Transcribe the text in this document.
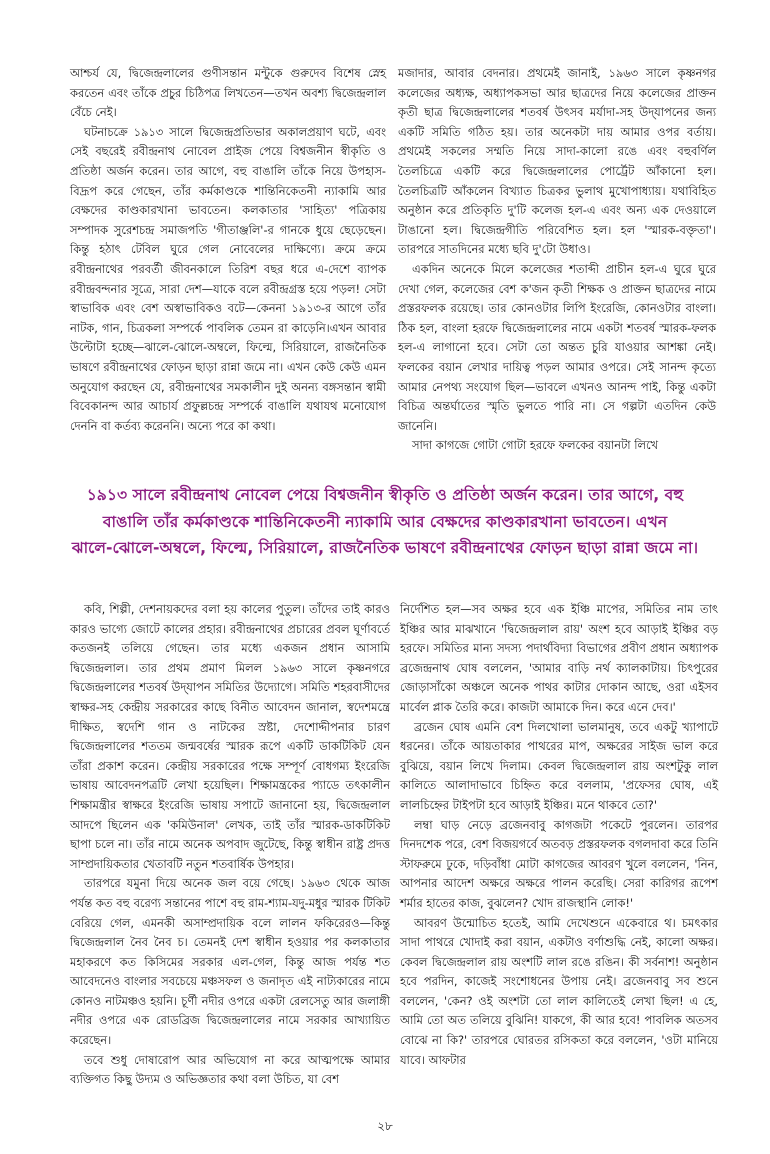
আশ্চর্য যে, দ্বিজেন্দ্রলালের গুণীসন্তান মন্টুকে গুরুদেব বিশেষ স্নেহ করতেন এবং তাঁকে প্রচুর চিঠিপত্র লিখতেন—তখন অবশ্য দ্বিজেন্দ্রলাল বেঁচে নেই।

ঘটনাচক্রে ১৯১৩ সালে দ্বিজেন্দ্রপ্রতিভার অকালপ্রয়াণ ঘটে, এবং সেই বছরেই রবীন্দ্রনাথ নোবেল প্রাইজ পেয়ে বিশ্বজনীন স্বীকৃতি ও প্রতিষ্ঠা অর্জন করেন। তার আগে, বহু বাঙালি তাঁকে নিয়ে উপহাস-বিদ্রূপ করে গেছেন, তাঁর কর্মকাণ্ডকে শান্তিনিকেতনী ন্যাকামি আর বেক্ষদের কাণ্ডকারখানা ভাবতেন। কলকাতার 'সাহিত্য' পত্রিকায় সম্পাদক সুরেশচন্দ্র সমাজপতি 'গীতাঞ্জলি'-র গানকে ধুয়ে ছেড়েছেন। কিন্তু হঠাৎ টেবিল ঘুরে গেল নোবেলের দাক্ষিণ্যে। ক্রমে ক্রমে রবীন্দ্রনাথের পরবর্তী জীবনকালে তিরিশ বছর ধরে এ-দেশে ব্যাপক রবীন্দ্রবন্দনার সূত্রে, সারা দেশ—যাকে বলে রবীন্দ্রগ্রস্ত হয়ে পড়ল! সেটা স্বাভাবিক এবং বেশ অস্বাভাবিকও বটে—কেননা ১৯১৩-র আগে তাঁর নাটক, গান, চিত্রকলা সম্পর্কে পাবলিক তেমন রা কাড়েনি।এখন আবার উল্টোটা হচ্ছে—ঝালে-ঝোলে-অম্বলে, ফিল্মে, সিরিয়ালে, রাজনৈতিক ভাষণে রবীন্দ্রনাথের ফোড়ন ছাড়া রান্না জমে না। এখন কেউ কেউ এমন অনুযোগ করছেন যে, রবীন্দ্রনাথের সমকালীন দুই অনন্য বঙ্গসন্তান স্বামী বিবেকানন্দ আর আচার্য প্রফুল্লচন্দ্র সম্পর্কে বাঙালি যথাযথ মনোযোগ দেননি বা কর্তব্য করেননি। অন্যে পরে কা কথা।

মজাদার, আবার বেদনার। প্রথমেই জানাই, ১৯৬৩ সালে কৃষ্ণনগর কলেজের অধ্যক্ষ, অধ্যাপকসভা আর ছাত্রদের নিয়ে কলেজের প্রাক্তন কৃতী ছাত্র দ্বিজেন্দ্রলালের শতবর্ষ উৎসব মর্যাদা-সহ উদ্‌যাপনের জন্য একটি সমিতি গঠিত হয়। তার অনেকটা দায় আমার ওপর বর্তায়। প্রথমেই সকলের সম্মতি নিয়ে সাদা-কালো রঙে এবং বহুবর্ণিল তৈলচিত্রে একটি করে দ্বিজেন্দ্রলালের পোর্ট্রেট আঁকানো হল। তৈলচিত্রটি আঁকলেন বিখ্যাত চিত্রকর ভুলাথ মুখোপাধ্যায়। যথাবিহিত অনুষ্ঠান করে প্রতিকৃতি দু'টি কলেজ হল-এ এবং অন্য এক দেওয়ালে টাঙানো হল। দ্বিজেন্দ্রগীতি পরিবেশিত হল। হল 'স্মারক-বক্তৃতা'। তারপরে সাতদিনের মধ্যে ছবি দু'টো উধাও।

একদিন অনেকে মিলে কলেজের শতাব্দী প্রাচীন হল-এ ঘুরে ঘুরে দেখা গেল, কলেজের বেশ ক'জন কৃতী শিক্ষক ও প্রাক্তন ছাত্রদের নামে প্রস্তরফলক রয়েছে। তার কোনওটার লিপি ইংরেজি, কোনওটার বাংলা। ঠিক হল, বাংলা হরফে দ্বিজেন্দ্রলালের নামে একটা শতবর্ষ স্মারক-ফলক হল-এ লাগানো হবে। সেটা তো অন্তত চুরি যাওয়ার আশঙ্কা নেই। ফলকের বয়ান লেখার দায়িত্ব পড়ল আমার ওপরে। সেই সানন্দ কৃত্যে আমার নেপথ্য সংযোগ ছিল—ভাবলে এখনও আনন্দ পাই, কিন্তু একটা বিচিত্র অন্তর্ঘাতের স্মৃতি ভুলতে পারি না। সে গল্পটা এতদিন কেউ জানেনি।

সাদা কাগজে গোটা গোটা হরফে ফলকের বয়ানটা লিখে

১৯১৩ সালে রবীন্দ্রনাথ নোবেল পেয়ে বিশ্বজনীন স্বীকৃতি ও প্রতিষ্ঠা অর্জন করেন। তার আগে, বহু
বাঙালি তাঁর কর্মকাণ্ডকে শান্তিনিকেতনী ন্যাকামি আর বেক্ষদের কাণ্ডকারখানা ভাবতেন। এখন
ঝালে-ঝোলে-অম্বলে, ফিল্মে, সিরিয়ালে, রাজনৈতিক ভাষণে রবীন্দ্রনাথের ফোড়ন ছাড়া রান্না জমে না।

কবি, শিল্পী, দেশনায়কদের বলা হয় কালের পুতুল। তাঁদের তাই কারও কারও ভাগ্যে জোটে কালের প্রহার। রবীন্দ্রনাথের প্রচারের প্রবল ঘূর্ণাবর্তে কতজনই তলিয়ে গেছেন। তার মধ্যে একজন প্রধান আসামি দ্বিজেন্দ্রলাল। তার প্রথম প্রমাণ মিলল ১৯৬৩ সালে কৃষ্ণনগরে দ্বিজেন্দ্রলালের শতবর্ষ উদ্‌যাপন সমিতির উদ্যোগে। সমিতি শহরবাসীদের স্বাক্ষর-সহ কেন্দ্রীয় সরকারের কাছে বিনীত আবেদন জানাল, স্বদেশমন্ত্রে দীক্ষিত, স্বদেশি গান ও নাটকের স্রষ্টা, দেশোদ্দীপনার চারণ দ্বিজেন্দ্রলালের শততম জন্মবর্ষের স্মারক রূপে একটি ডাকটিকিট যেন তাঁরা প্রকাশ করেন। কেন্দ্রীয় সরকারের পক্ষে সম্পূর্ণ বোধগম্য ইংরেজি ভাষায় আবেদনপত্রটি লেখা হয়েছিল। শিক্ষামন্ত্রকের প্যাডে তৎকালীন শিক্ষামন্ত্রীর স্বাক্ষরে ইংরেজি ভাষায় সপাটে জানানো হয়, দ্বিজেন্দ্রলাল আদপে ছিলেন এক 'কমিউনাল' লেখক, তাই তাঁর স্মারক-ডাকটিকিট ছাপা চলে না। তাঁর নামে অনেক অপবাদ জুটেছে, কিন্তু স্বাধীন রাষ্ট্র প্রদত্ত সাম্প্রদায়িকতার খেতাবটি নতুন শতবার্ষিক উপহার।

তারপরে যমুনা দিয়ে অনেক জল বয়ে গেছে। ১৯৬৩ থেকে আজ পর্যন্ত কত বহু বরেণ্য সন্তানের পাশে বহু রাম-শ্যাম-যদু-মধুর স্মারক টিকিট বেরিয়ে গেল, এমনকী অসাম্প্রদায়িক বলে লালন ফকিরেরও—কিন্তু দ্বিজেন্দ্রলাল নৈব নৈব চ। তেমনই দেশ স্বাধীন হওয়ার পর কলকাতার মহাকরণে কত কিসিমের সরকার এল-গেল, কিন্তু আজ পর্যন্ত শত আবেদনেও বাংলার সবচেয়ে মঞ্চসফল ও জনাদৃত এই নাট্যকারের নামে কোনও নাটমঞ্চও হয়নি। চূর্ণী নদীর ওপরে একটা রেলসেতু আর জলাঙ্গী নদীর ওপরে এক রোডব্রিজ দ্বিজেন্দ্রলালের নামে সরকার আখ্যায়িত করেছেন।

তবে শুধু দোষারোপ আর অভিযোগ না করে আত্মপক্ষে আমার ব্যক্তিগত কিছু উদ্যম ও অভিজ্ঞতার কথা বলা উচিত, যা বেশ

নির্দেশিত হল—সব অক্ষর হবে এক ইঞ্চি মাপের, সমিতির নাম তাৎ ইঞ্চির আর মাঝখানে 'দ্বিজেন্দ্রলাল রায়' অংশ হবে আড়াই ইঞ্চির বড় হরফে। সমিতির মান্য সদস্য পদার্থবিদ্যা বিভাগের প্রবীণ প্রধান অধ্যাপক ব্রজেন্দ্রনাথ ঘোষ বললেন, 'আমার বাড়ি নর্থ ক্যালকাটায়। চিৎপুরের জোড়াসাঁকো অঞ্চলে অনেক পাথর কাটার দোকান আছে, ওরা এইসব মার্বেল প্লাক তৈরি করে। কাজটা আমাকে দিন। করে এনে দেব।'

ব্রজেন ঘোষ এমনি বেশ দিলখোলা ভালমানুষ, তবে একটু খ্যাপাটে ধরনের। তাঁকে আয়তাকার পাথরের মাপ, অক্ষরের সাইজ ভাল করে বুঝিয়ে, বয়ান লিখে দিলাম। কেবল দ্বিজেন্দ্রলাল রায় অংশটুকু লাল কালিতে আলাদাভাবে চিহ্নিত করে বললাম, 'প্রফেসর ঘোষ, এই লালচিহ্নের টাইপটা হবে আড়াই ইঞ্চির। মনে থাকবে তো?'

লম্বা ঘাড় নেড়ে ব্রজেনবাবু কাগজটা পকেটে পুরলেন। তারপর দিনদশেক পরে, বেশ বিজয়গর্বে অতবড় প্রস্তরফলক বগলদাবা করে তিনি স্টাফরুমে ঢুকে, দড়িবাঁধা মোটা কাগজের আবরণ খুলে বললেন, 'নিন, আপনার আদেশ অক্ষরে অক্ষরে পালন করেছি। সেরা কারিগর রূপেশ শর্মার হাতের কাজ, বুঝলেন? খোদ রাজস্থানি লোক!'

আবরণ উন্মোচিত হতেই, আমি দেখেশুনে একেবারে থ। চমৎকার সাদা পাথরে খোদাই করা বয়ান, একটাও বর্ণাশুদ্ধি নেই, কালো অক্ষর। কেবল দ্বিজেন্দ্রলাল রায় অংশটি লাল রঙে রঙিন। কী সর্বনাশ! অনুষ্ঠান হবে পরদিন, কাজেই সংশোধনের উপায় নেই। ব্রজেনবাবু সব শুনে বললেন, 'কেন? ওই অংশটা তো লাল কালিতেই লেখা ছিল! এ হে, আমি তো অত তলিয়ে বুঝিনি! যাকগে, কী আর হবে! পাবলিক অতসব বোঝে না কি?' তারপরে ঘোরতর রসিকতা করে বললেন, 'ওটা মানিয়ে যাবে। আফটার

২৮
